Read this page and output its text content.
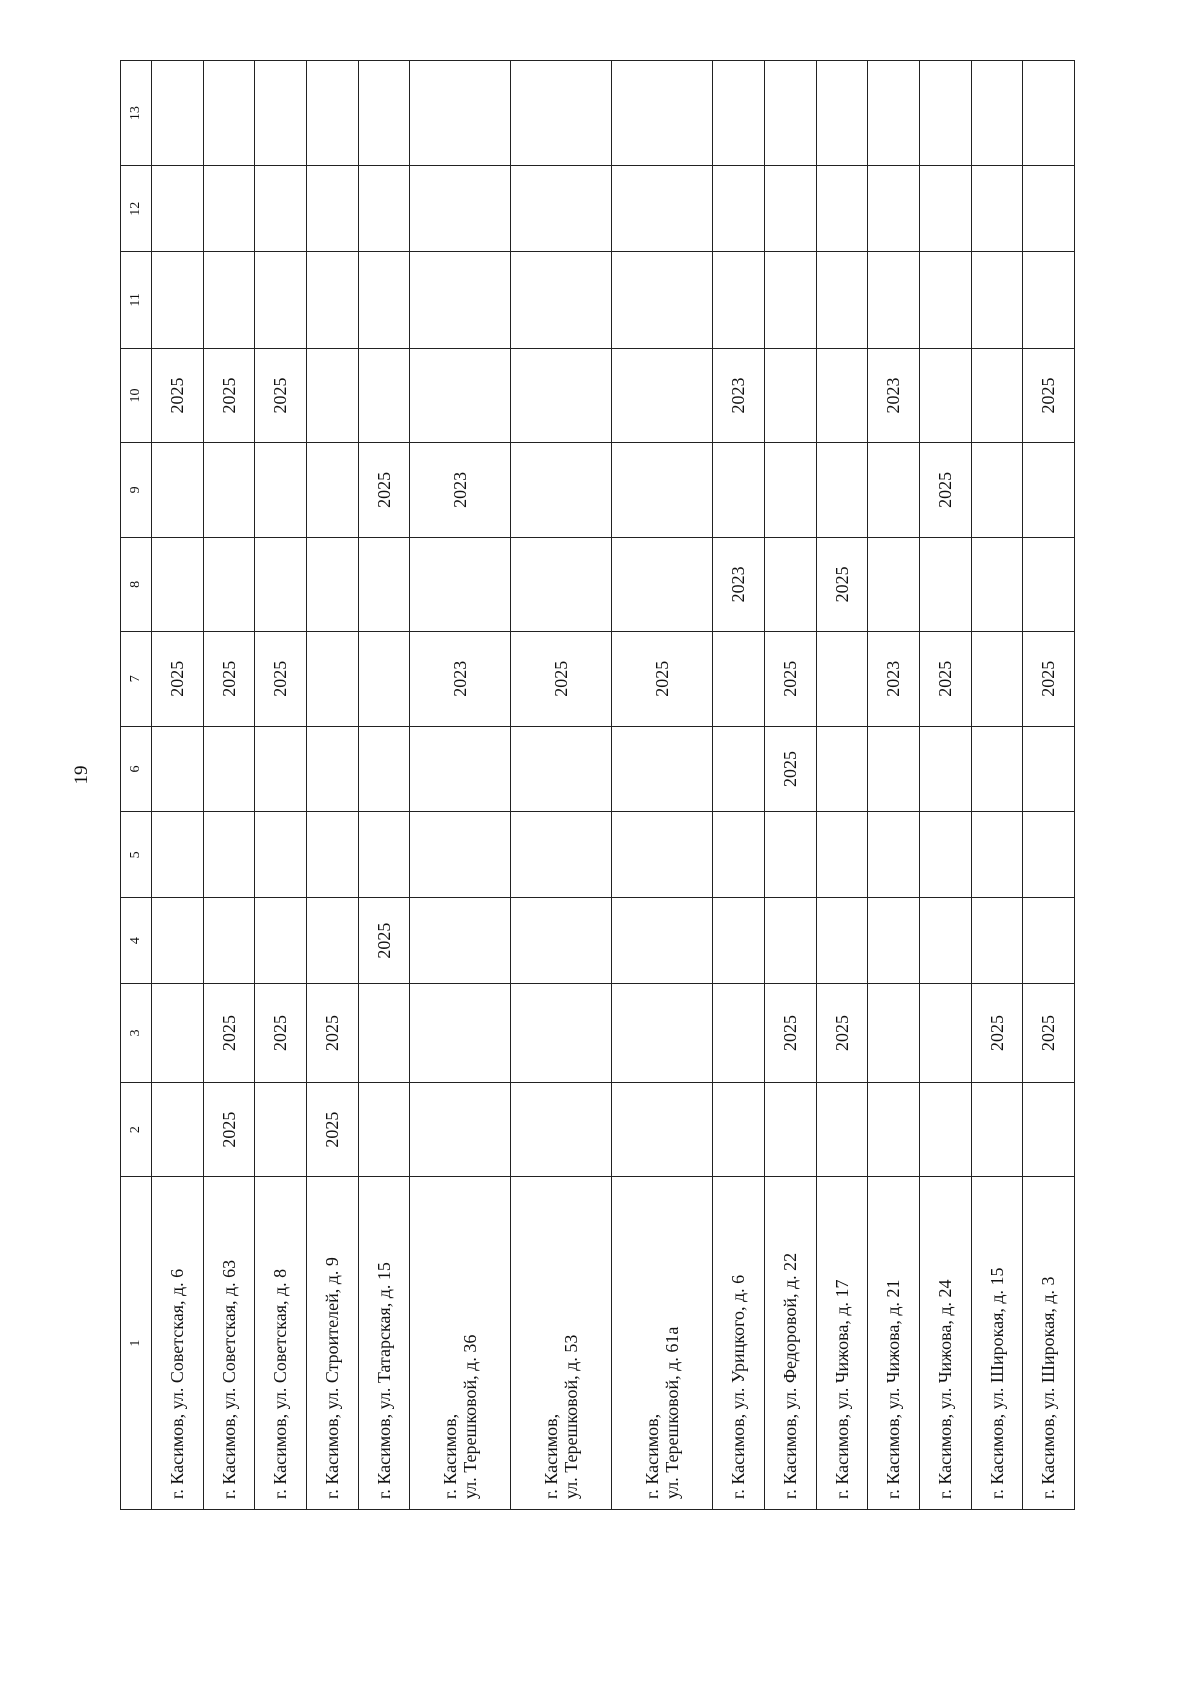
19
1	2	3	4	5	6	7	8	9	10	11	12	13

г. Касимов, ул. Советская, д. 6						2025			2025			

г. Касимов, ул. Советская, д. 63	2025	2025				2025			2025			

г. Касимов, ул. Советская, д. 8		2025				2025			2025			

г. Касимов, ул. Строителей, д. 9	2025	2025										

г. Касимов, ул. Татарская, д. 15			2025					2025				

г. Касимов, ул. Терешковой, д. 36						2023		2023				

г. Касимов, ул. Терешковой, д. 53						2025						

г. Касимов, ул. Терешковой, д. 61а						2025						

г. Касимов, ул. Урицкого, д. 6							2023		2023			

г. Касимов, ул. Федоровой, д. 22		2025			2025	2025						

г. Касимов, ул. Чижова, д. 17		2025					2025					

г. Касимов, ул. Чижова, д. 21						2023			2023			

г. Касимов, ул. Чижова, д. 24						2025		2025				

г. Касимов, ул. Широкая, д. 15		2025										

г. Касимов, ул. Широкая, д. 3		2025				2025			2025			
